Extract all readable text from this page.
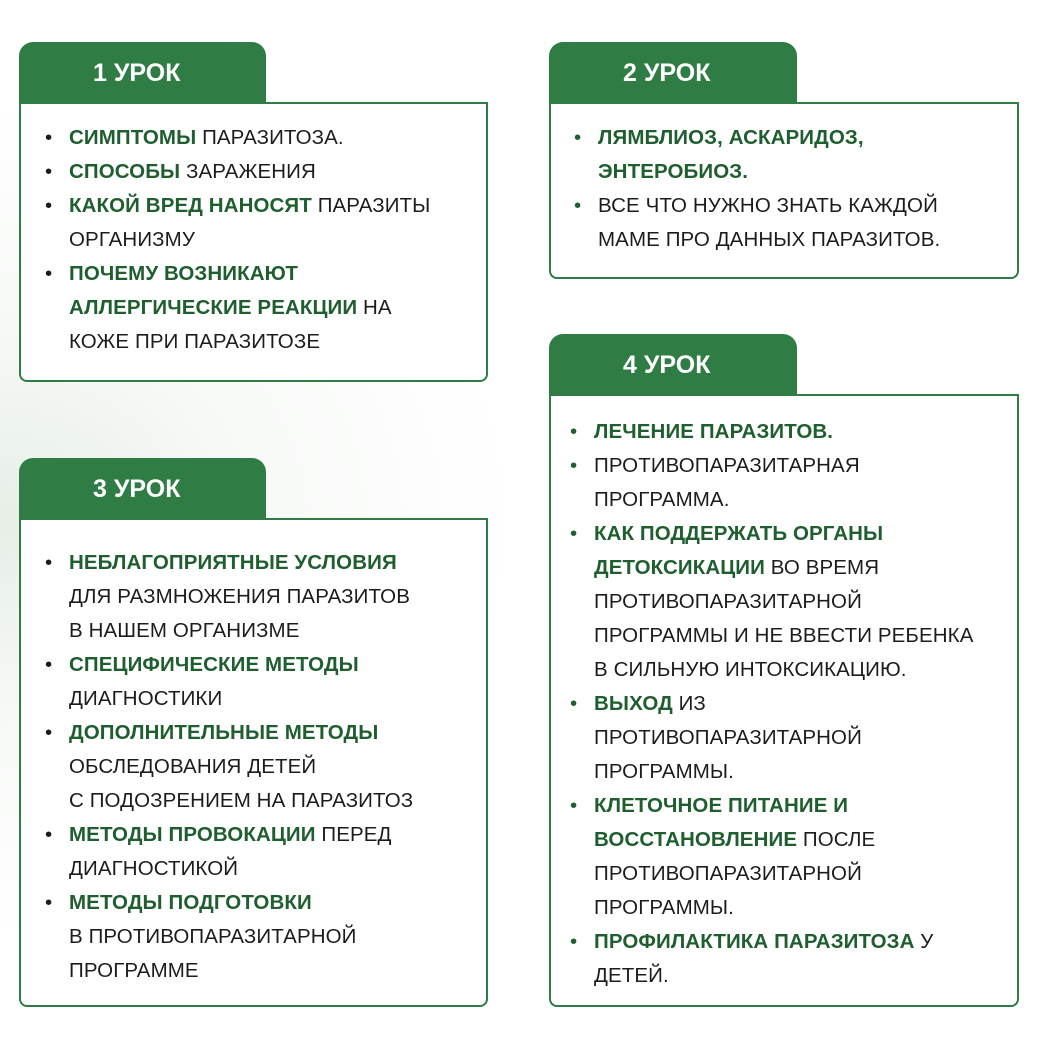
1 УРОК
• СИМПТОМЫ ПАРАЗИТОЗА.
• СПОСОБЫ ЗАРАЖЕНИЯ
• КАКОЙ ВРЕД НАНОСЯТ ПАРАЗИТЫ
ОРГАНИЗМУ
• ПОЧЕМУ ВОЗНИКАЮТ
АЛЛЕРГИЧЕСКИЕ РЕАКЦИИ НА
КОЖЕ ПРИ ПАРАЗИТОЗЕ
2 УРОК
• ЛЯМБЛИОЗ, АСКАРИДОЗ,
ЭНТЕРОБИОЗ.
• ВСЕ ЧТО НУЖНО ЗНАТЬ КАЖДОЙ
МАМЕ ПРО ДАННЫХ ПАРАЗИТОВ.
3 УРОК
• НЕБЛАГОПРИЯТНЫЕ УСЛОВИЯ
ДЛЯ РАЗМНОЖЕНИЯ ПАРАЗИТОВ
В НАШЕМ ОРГАНИЗМЕ
• СПЕЦИФИЧЕСКИЕ МЕТОДЫ
ДИАГНОСТИКИ
• ДОПОЛНИТЕЛЬНЫЕ МЕТОДЫ
ОБСЛЕДОВАНИЯ ДЕТЕЙ
С ПОДОЗРЕНИЕМ НА ПАРАЗИТОЗ
• МЕТОДЫ ПРОВОКАЦИИ ПЕРЕД
ДИАГНОСТИКОЙ
• МЕТОДЫ ПОДГОТОВКИ
В ПРОТИВОПАРАЗИТАРНОЙ
ПРОГРАММЕ
4 УРОК
• ЛЕЧЕНИЕ ПАРАЗИТОВ.
• ПРОТИВОПАРАЗИТАРНАЯ
ПРОГРАММА.
• КАК ПОДДЕРЖАТЬ ОРГАНЫ
ДЕТОКСИКАЦИИ ВО ВРЕМЯ
ПРОТИВОПАРАЗИТАРНОЙ
ПРОГРАММЫ И НЕ ВВЕСТИ РЕБЕНКА
В СИЛЬНУЮ ИНТОКСИКАЦИЮ.
• ВЫХОД ИЗ
ПРОТИВОПАРАЗИТАРНОЙ
ПРОГРАММЫ.
• КЛЕТОЧНОЕ ПИТАНИЕ И
ВОССТАНОВЛЕНИЕ ПОСЛЕ
ПРОТИВОПАРАЗИТАРНОЙ
ПРОГРАММЫ.
• ПРОФИЛАКТИКА ПАРАЗИТОЗА У
ДЕТЕЙ.
